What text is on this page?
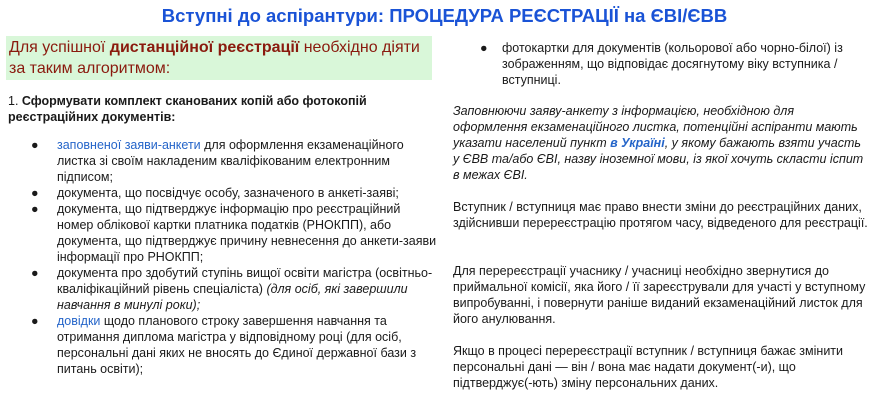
Вступні до аспірантури: ПРОЦЕДУРА РЕЄСТРАЦІЇ на ЄВІ/ЄВВ
Для успішної дистанційної реєстрації необхідно діяти за таким алгоритмом:
1. Сформувати комплект сканованих копій або фотокопій реєстраційних документів:
● заповненої заяви-анкети для оформлення екзаменаційного листка зі своїм накладеним кваліфікованим електронним підписом;
● документа, що посвідчує особу, зазначеного в анкеті-заяві;
● документа, що підтверджує інформацію про реєстраційний номер облікової картки платника податків (РНОКПП), або документа, що підтверджує причину невнесення до анкети-заяви інформації про РНОКПП;
● документа про здобутий ступінь вищої освіти магістра (освітньо-кваліфікаційний рівень спеціаліста) (для осіб, які завершили навчання в минулі роки);
● довідки щодо планового строку завершення навчання та отримання диплома магістра у відповідному році (для осіб, персональні дані яких не вносять до Єдиної державної бази з питань освіти);
● фотокартки для документів (кольорової або чорно-білої) із зображенням, що відповідає досягнутому віку вступника / вступниці.
Заповнюючи заяву-анкету з інформацією, необхідною для оформлення екзаменаційного листка, потенційні аспіранти мають указати населений пункт в Україні, у якому бажають взяти участь у ЄВВ та/або ЄВІ, назву іноземної мови, із якої хочуть скласти іспит в межах ЄВІ.
Вступник / вступниця має право внести зміни до реєстраційних даних, здійснивши перереєстрацію протягом часу, відведеного для реєстрації.
Для перереєстрації учаснику / учасниці необхідно звернутися до приймальної комісії, яка його / її зареєстрували для участі у вступному випробуванні, і повернути раніше виданий екзаменаційний листок для його анулювання.
Якщо в процесі перереєстрації вступник / вступниця бажає змінити персональні дані — він / вона має надати документ(-и), що підтверджує(-ють) зміну персональних даних.
